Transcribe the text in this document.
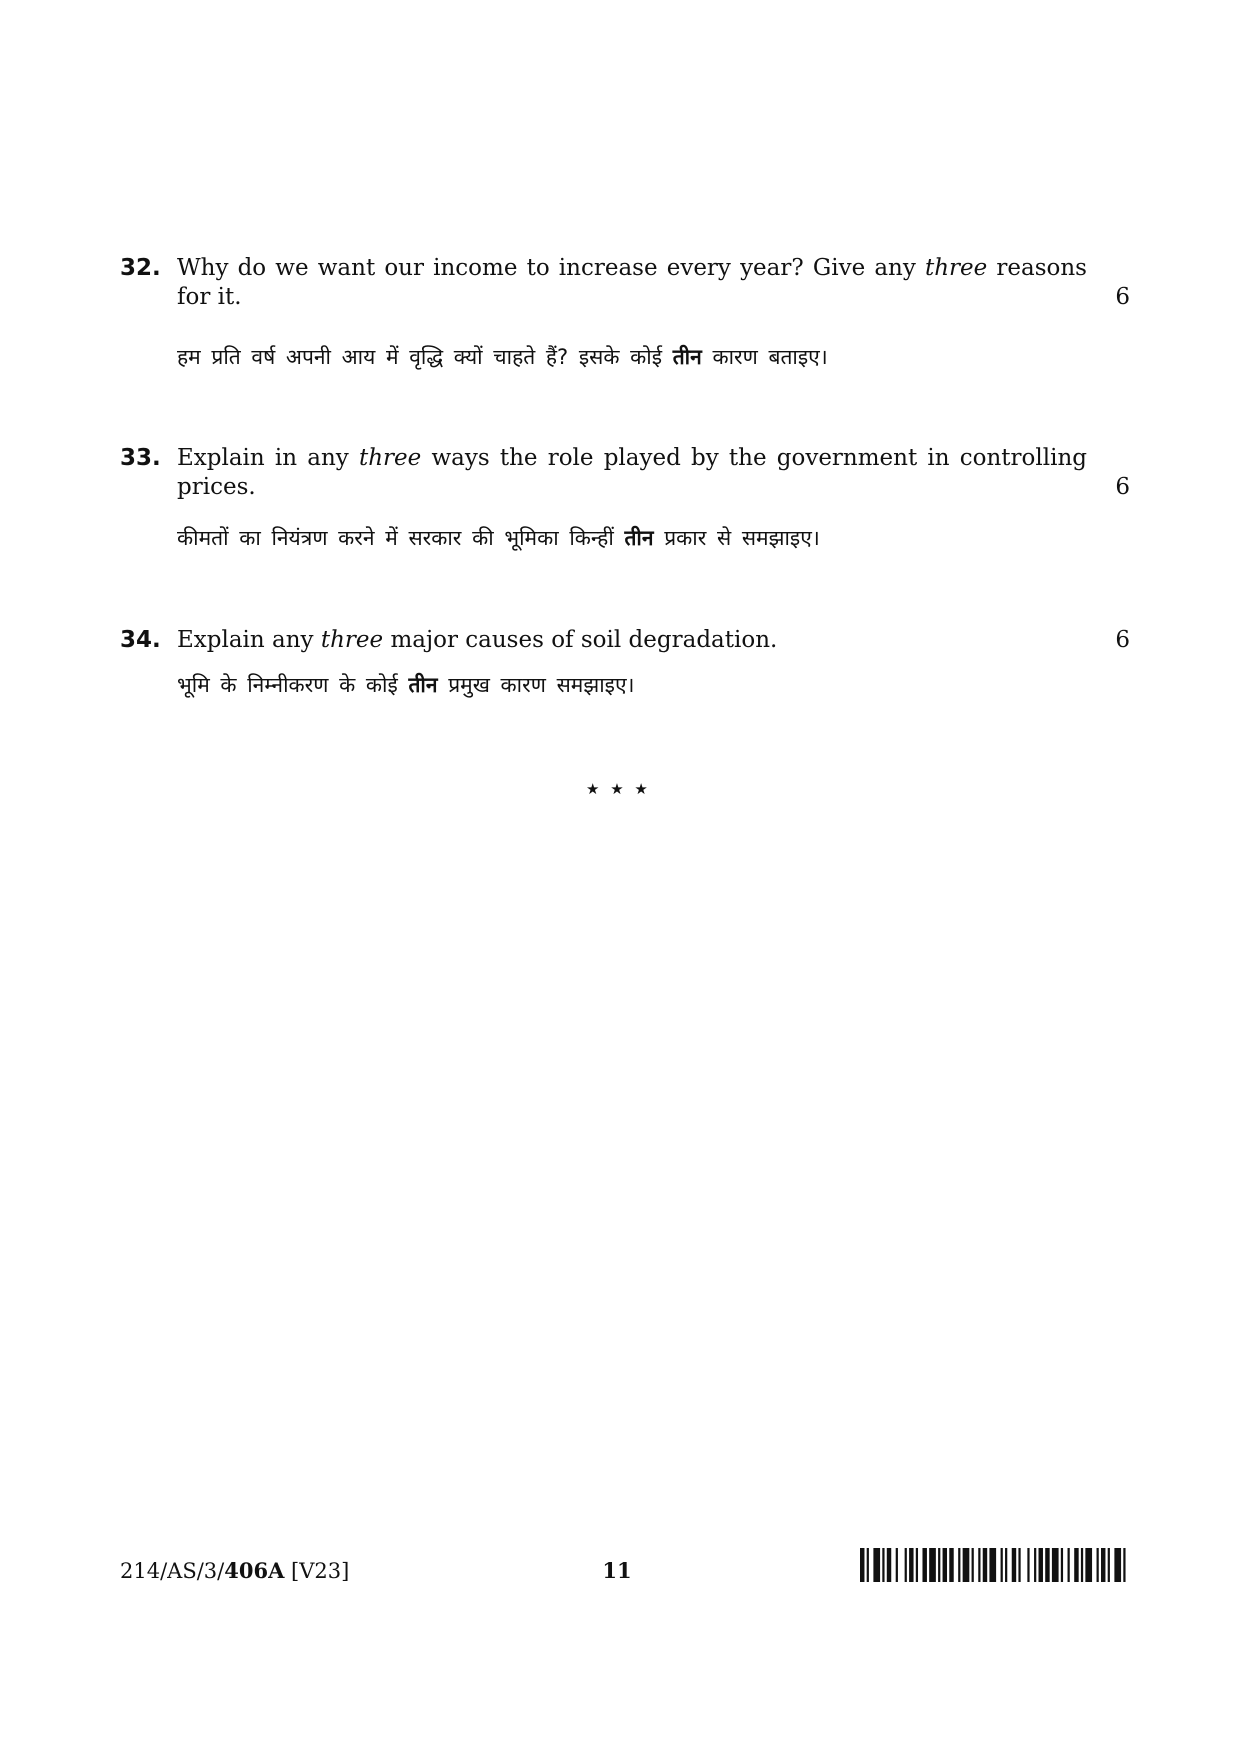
32. Why do we want our income to increase every year? Give any three reasons for it.	6
हम प्रति वर्ष अपनी आय में वृद्धि क्यों चाहते हैं? इसके कोई तीन कारण बताइए।
33. Explain in any three ways the role played by the government in controlling prices.	6
कीमतों का नियंत्रण करने में सरकार की भूमिका किन्हीं तीन प्रकार से समझाइए।
34. Explain any three major causes of soil degradation.	6
भूमि के निम्नीकरण के कोई तीन प्रमुख कारण समझाइए।
★ ★ ★
214/AS/3/406A [V23]	11
